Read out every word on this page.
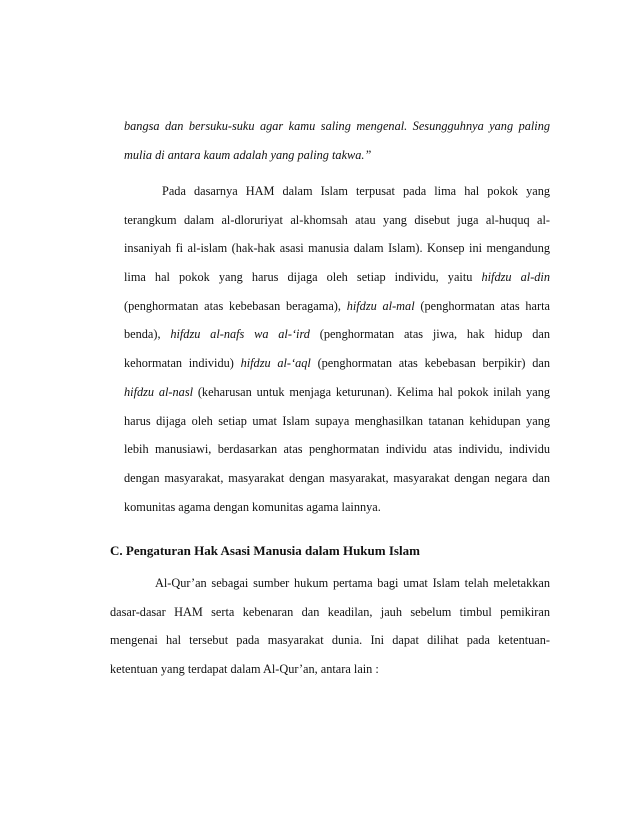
bangsa dan bersuku-suku agar kamu saling mengenal. Sesungguhnya yang paling
mulia di antara kaum adalah yang paling takwa.”
Pada dasarnya HAM dalam Islam terpusat pada lima hal pokok yang
terangkum dalam al-dloruriyat al-khomsah atau yang disebut juga al-huquq al-
insaniyah fi al-islam (hak-hak asasi manusia dalam Islam). Konsep ini mengandung
lima hal pokok yang harus dijaga oleh setiap individu, yaitu hifdzu al-din
(penghormatan atas kebebasan beragama), hifdzu al-mal (penghormatan atas harta
benda), hifdzu al-nafs wa al-‘ird (penghormatan atas jiwa, hak hidup dan
kehormatan individu) hifdzu al-‘aql (penghormatan atas kebebasan berpikir) dan
hifdzu al-nasl (keharusan untuk menjaga keturunan). Kelima hal pokok inilah yang
harus dijaga oleh setiap umat Islam supaya menghasilkan tatanan kehidupan yang
lebih manusiawi, berdasarkan atas penghormatan individu atas individu, individu
dengan masyarakat, masyarakat dengan masyarakat, masyarakat dengan negara dan
komunitas agama dengan komunitas agama lainnya.
C. Pengaturan Hak Asasi Manusia dalam Hukum Islam
Al-Qur’an sebagai sumber hukum pertama bagi umat Islam telah meletakkan
dasar-dasar HAM serta kebenaran dan keadilan, jauh sebelum timbul pemikiran
mengenai hal tersebut pada masyarakat dunia. Ini dapat dilihat pada ketentuan-
ketentuan yang terdapat dalam Al-Qur’an, antara lain :
